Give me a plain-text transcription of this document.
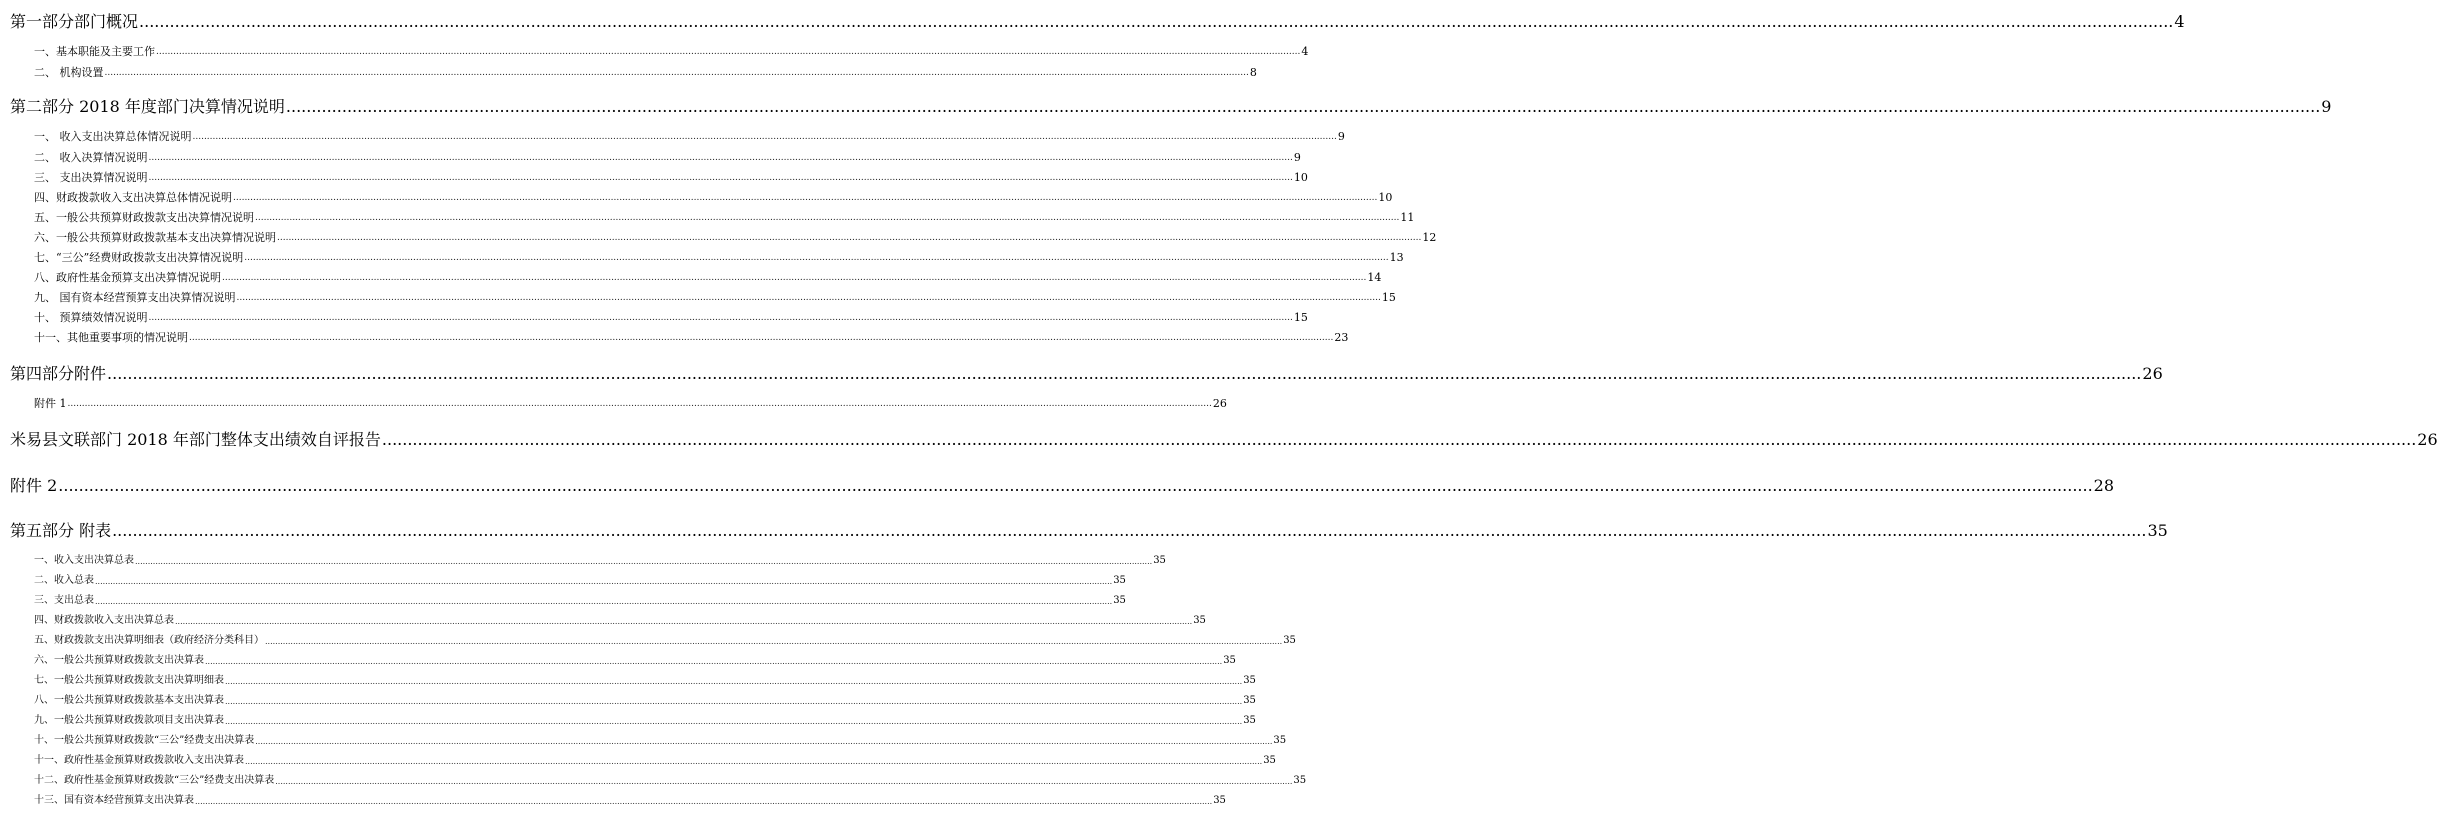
第一部分部门概况 ................................................................................................................................................................................................................................................................................................................................................................................................................ 4
一、基本职能及主要工作 ................................................................................................................................................................................................................................................................................................................................................................................................................ 4
二、 机构设置 ................................................................................................................................................................................................................................................................................................................................................................................................................ 8
第二部分 2018 年度部门决算情况说明 ................................................................................................................................................................................................................................................................................................................................................................................................................ 9
一、 收入支出决算总体情况说明 ................................................................................................................................................................................................................................................................................................................................................................................................................ 9
二、 收入决算情况说明 ................................................................................................................................................................................................................................................................................................................................................................................................................ 9
三、 支出决算情况说明 ................................................................................................................................................................................................................................................................................................................................................................................................................ 10
四、财政拨款收入支出决算总体情况说明 ................................................................................................................................................................................................................................................................................................................................................................................................................ 10
五、一般公共预算财政拨款支出决算情况说明 ................................................................................................................................................................................................................................................................................................................................................................................................................ 11
六、一般公共预算财政拨款基本支出决算情况说明 ................................................................................................................................................................................................................................................................................................................................................................................................................ 12
七、“三公”经费财政拨款支出决算情况说明 ................................................................................................................................................................................................................................................................................................................................................................................................................ 13
八、政府性基金预算支出决算情况说明 ................................................................................................................................................................................................................................................................................................................................................................................................................ 14
九、 国有资本经营预算支出决算情况说明 ................................................................................................................................................................................................................................................................................................................................................................................................................ 15
十、 预算绩效情况说明 ................................................................................................................................................................................................................................................................................................................................................................................................................ 15
十一、其他重要事项的情况说明 ................................................................................................................................................................................................................................................................................................................................................................................................................ 23
第四部分附件 ................................................................................................................................................................................................................................................................................................................................................................................................................ 26
附件 1 ................................................................................................................................................................................................................................................................................................................................................................................................................ 26
米易县文联部门 2018 年部门整体支出绩效自评报告 ................................................................................................................................................................................................................................................................................................................................................................................................................ 26
附件 2 ................................................................................................................................................................................................................................................................................................................................................................................................................ 28
第五部分 附表 ................................................................................................................................................................................................................................................................................................................................................................................................................ 35
一、收入支出决算总表 ................................................................................................................................................................................................................................................................................................................................................................................................................ 35
二、收入总表 ................................................................................................................................................................................................................................................................................................................................................................................................................ 35
三、支出总表 ................................................................................................................................................................................................................................................................................................................................................................................................................ 35
四、财政拨款收入支出决算总表 ................................................................................................................................................................................................................................................................................................................................................................................................................ 35
五、财政拨款支出决算明细表（政府经济分类科目） ................................................................................................................................................................................................................................................................................................................................................................................................................ 35
六、一般公共预算财政拨款支出决算表 ................................................................................................................................................................................................................................................................................................................................................................................................................ 35
七、一般公共预算财政拨款支出决算明细表 ................................................................................................................................................................................................................................................................................................................................................................................................................ 35
八、一般公共预算财政拨款基本支出决算表 ................................................................................................................................................................................................................................................................................................................................................................................................................ 35
九、一般公共预算财政拨款项目支出决算表 ................................................................................................................................................................................................................................................................................................................................................................................................................ 35
十、一般公共预算财政拨款“三公”经费支出决算表 ................................................................................................................................................................................................................................................................................................................................................................................................................ 35
十一、政府性基金预算财政拨款收入支出决算表 ................................................................................................................................................................................................................................................................................................................................................................................................................ 35
十二、政府性基金预算财政拨款“三公”经费支出决算表 ................................................................................................................................................................................................................................................................................................................................................................................................................ 35
十三、国有资本经营预算支出决算表 ................................................................................................................................................................................................................................................................................................................................................................................................................ 35
